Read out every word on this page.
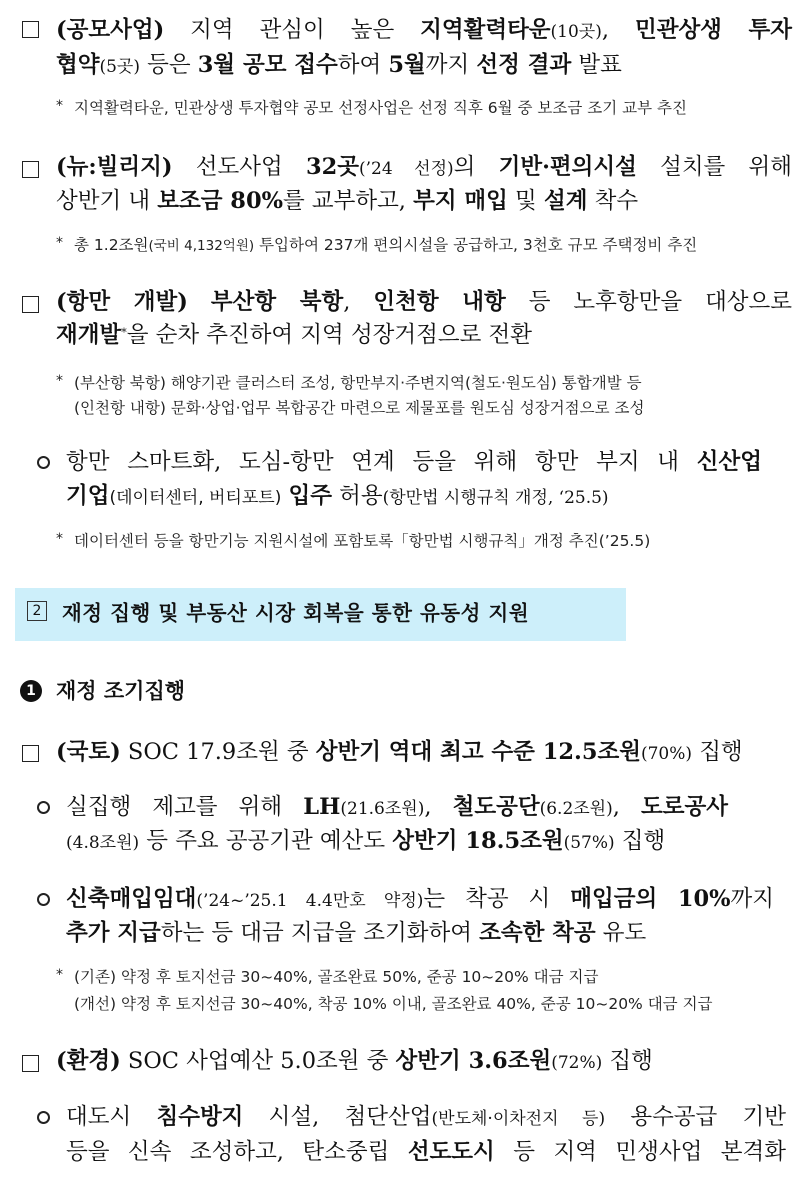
(공모사업) 지역 관심이 높은 지역활력타운(10곳), 민관상생 투자
협약(5곳) 등은 3월 공모 접수하여 5월까지 선정 결과 발표
* 지역활력타운, 민관상생 투자협약 공모 선정사업은 선정 직후 6월 중 보조금 조기 교부 추진
(뉴:빌리지) 선도사업 32곳(’24 선정)의 기반·편의시설 설치를 위해
상반기 내 보조금 80%를 교부하고, 부지 매입 및 설계 착수
* 총 1.2조원(국비 4,132억원) 투입하여 237개 편의시설을 공급하고, 3천호 규모 주택정비 추진
(항만 개발) 부산항 북항, 인천항 내항 등 노후항만을 대상으로
재개발*을 순차 추진하여 지역 성장거점으로 전환
* (부산항 북항) 해양기관 클러스터 조성, 항만부지·주변지역(철도·원도심) 통합개발 등
(인천항 내항) 문화·상업·업무 복합공간 마련으로 제물포를 원도심 성장거점으로 조성
항만 스마트화, 도심-항만 연계 등을 위해 항만 부지 내 신산업
기업(데이터센터, 버티포트) 입주 허용(항만법 시행규칙 개정, ‘25.5)
* 데이터센터 등을 항만기능 지원시설에 포함토록「항만법 시행규칙」개정 추진(’25.5)
2 재정 집행 및 부동산 시장 회복을 통한 유동성 지원
1 재정 조기집행
(국토) SOC 17.9조원 중 상반기 역대 최고 수준 12.5조원(70%) 집행
실집행 제고를 위해 LH(21.6조원), 철도공단(6.2조원), 도로공사
(4.8조원) 등 주요 공공기관 예산도 상반기 18.5조원(57%) 집행
신축매입임대(’24~’25.1 4.4만호 약정)는 착공 시 매입금의 10%까지
추가 지급하는 등 대금 지급을 조기화하여 조속한 착공 유도
* (기존) 약정 후 토지선금 30~40%, 골조완료 50%, 준공 10~20% 대금 지급
(개선) 약정 후 토지선금 30~40%, 착공 10% 이내, 골조완료 40%, 준공 10~20% 대금 지급
(환경) SOC 사업예산 5.0조원 중 상반기 3.6조원(72%) 집행
대도시 침수방지 시설, 첨단산업(반도체·이차전지 등) 용수공급 기반
등을 신속 조성하고, 탄소중립 선도도시 등 지역 민생사업 본격화
